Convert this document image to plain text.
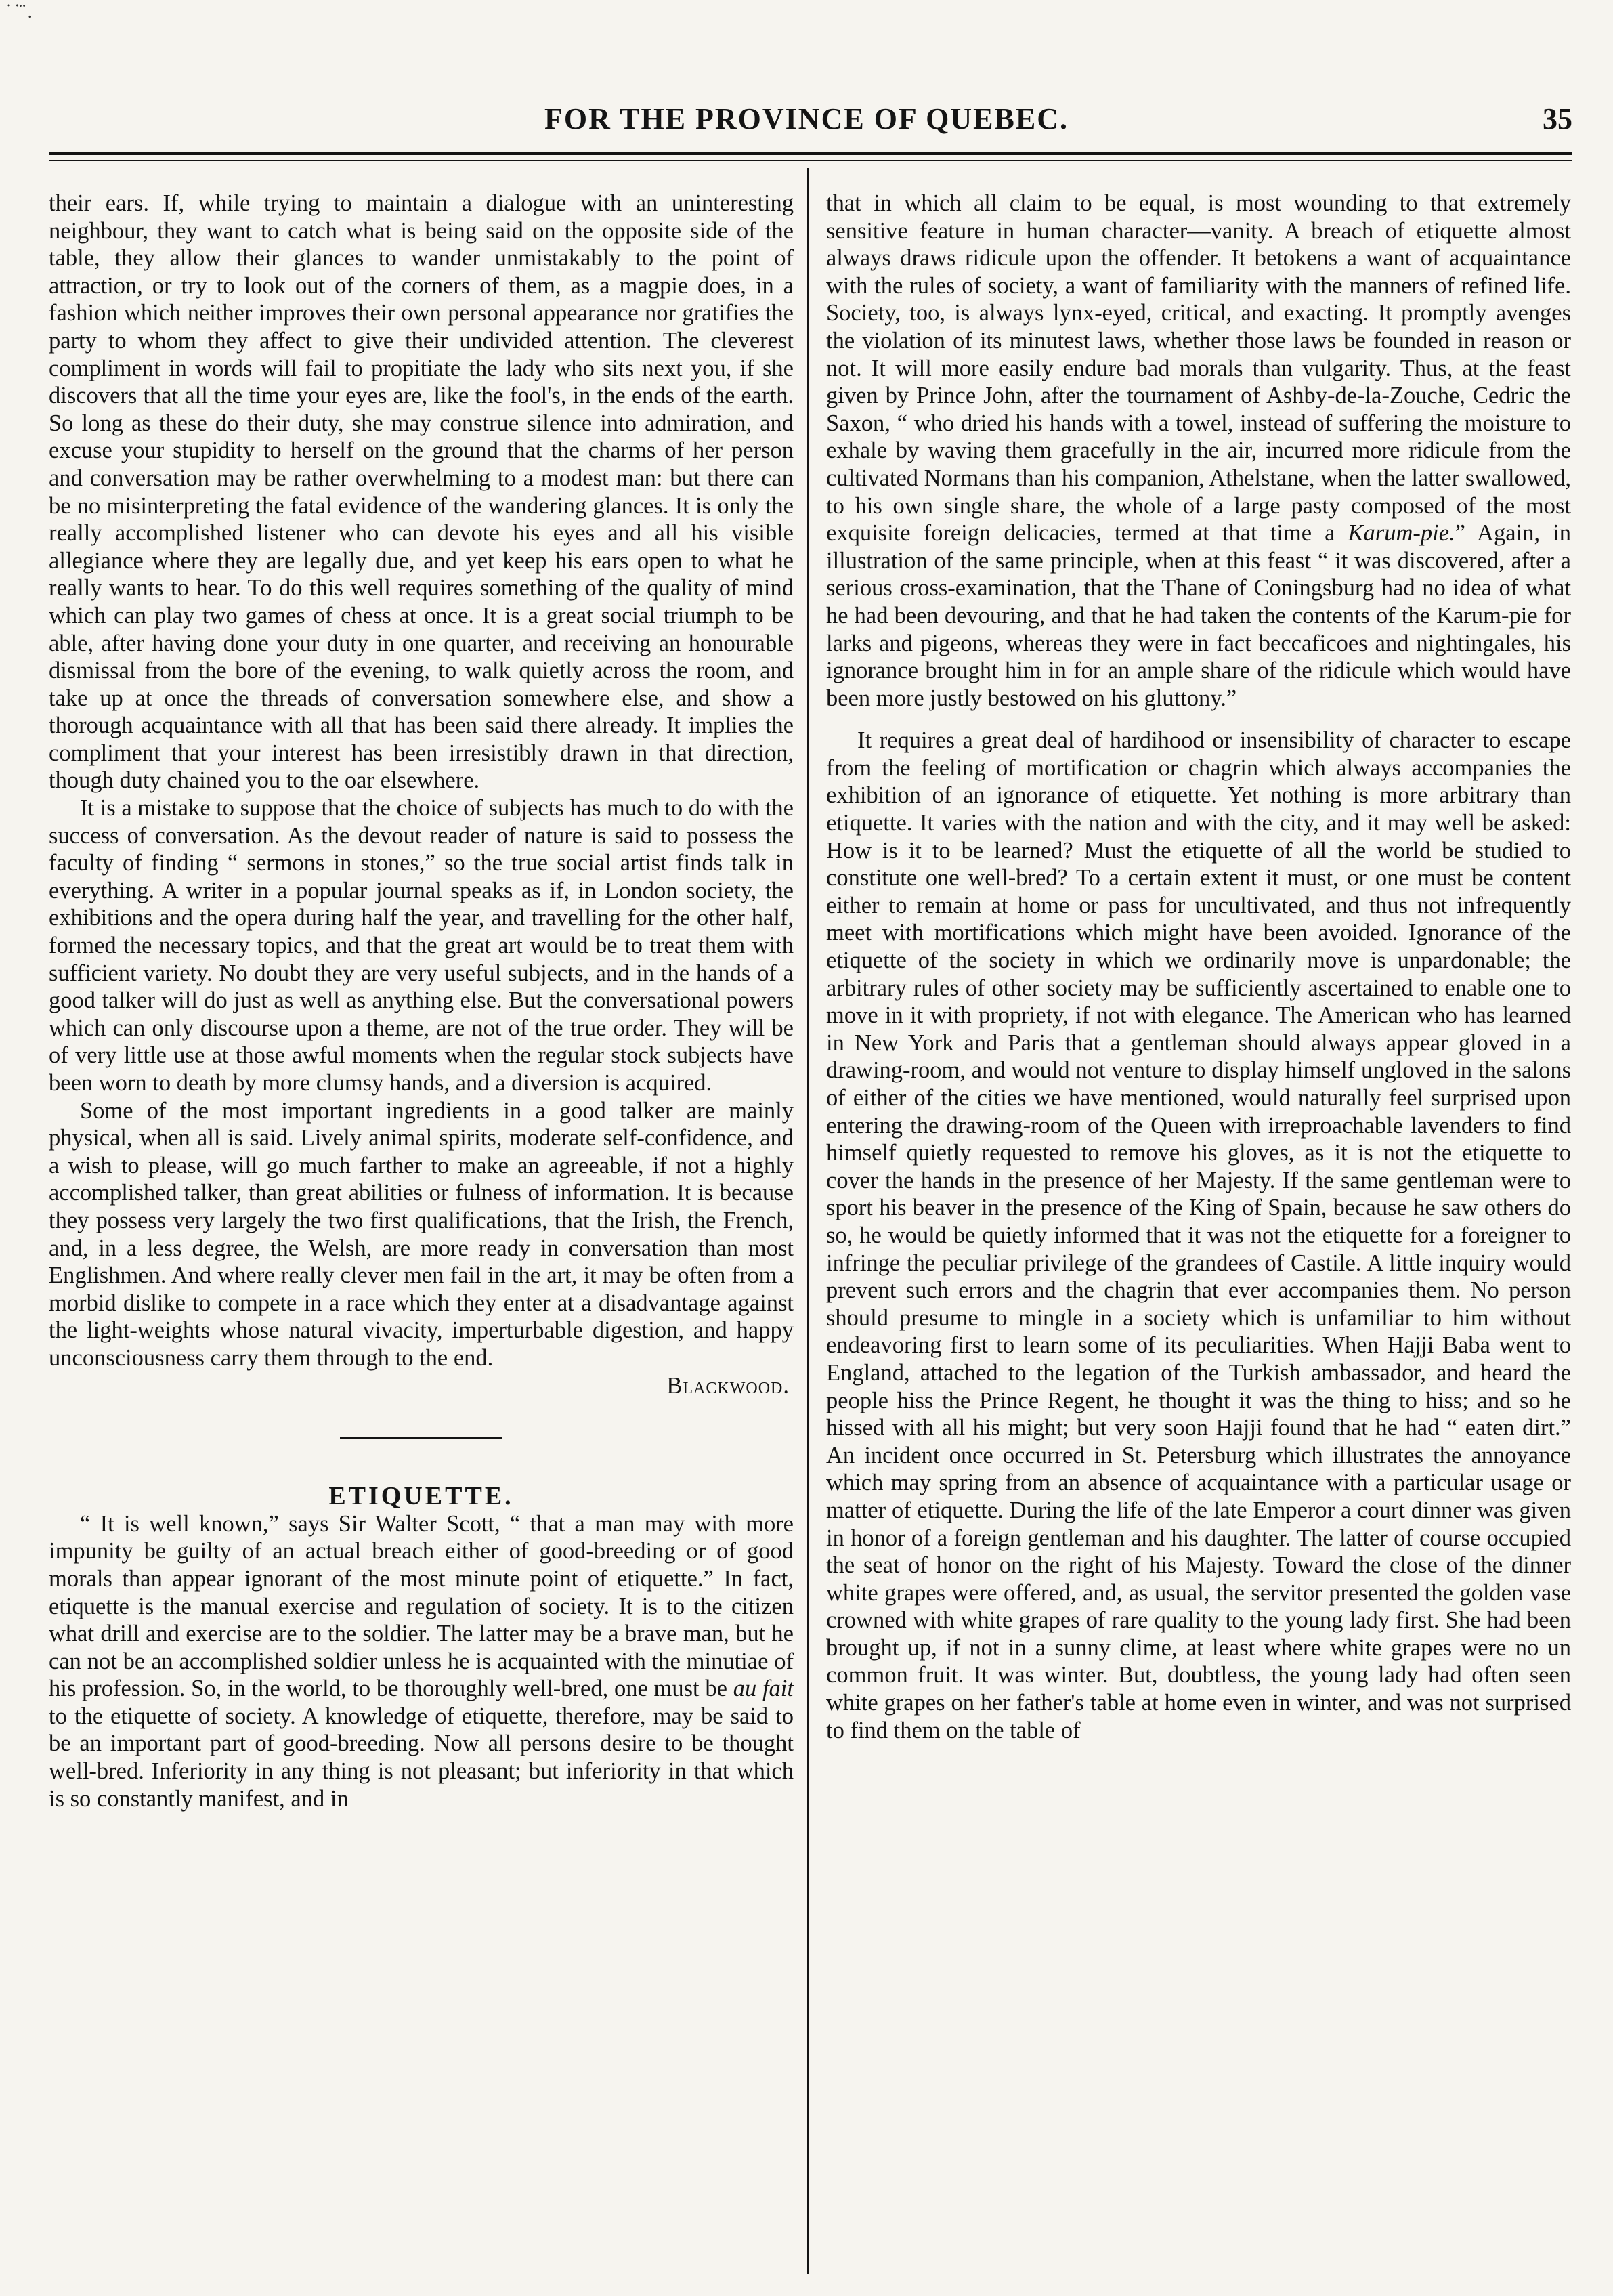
˙ ̇ ̈ .
FOR THE PROVINCE OF QUEBEC.	35

their ears. If, while trying to maintain a dialogue with an uninteresting neighbour, they want to catch what is being said on the opposite side of the table, they allow their glances to wander unmistakably to the point of attraction, or try to look out of the corners of them, as a magpie does, in a fashion which neither improves their own personal appearance nor gratifies the party to whom they affect to give their undivided attention. The cleverest compliment in words will fail to propitiate the lady who sits next you, if she discovers that all the time your eyes are, like the fool's, in the ends of the earth. So long as these do their duty, she may construe silence into admiration, and excuse your stupidity to herself on the ground that the charms of her person and conversation may be rather overwhelming to a modest man: but there can be no misinterpreting the fatal evidence of the wandering glances. It is only the really accomplished listener who can devote his eyes and all his visible allegiance where they are legally due, and yet keep his ears open to what he really wants to hear. To do this well requires something of the quality of mind which can play two games of chess at once. It is a great social triumph to be able, after having done your duty in one quarter, and receiving an honourable dismissal from the bore of the evening, to walk quietly across the room, and take up at once the threads of conversation somewhere else, and show a thorough acquaintance with all that has been said there already. It implies the compliment that your interest has been irresistibly drawn in that direction, though duty chained you to the oar elsewhere.

It is a mistake to suppose that the choice of subjects has much to do with the success of conversation. As the devout reader of nature is said to possess the faculty of finding “ sermons in stones,” so the true social artist finds talk in everything. A writer in a popular journal speaks as if, in London society, the exhibitions and the opera during half the year, and travelling for the other half, formed the necessary topics, and that the great art would be to treat them with sufficient variety. No doubt they are very useful subjects, and in the hands of a good talker will do just as well as anything else. But the conversational powers which can only discourse upon a theme, are not of the true order. They will be of very little use at those awful moments when the regular stock subjects have been worn to death by more clumsy hands, and a diversion is acquired.

Some of the most important ingredients in a good talker are mainly physical, when all is said. Lively animal spirits, moderate self-confidence, and a wish to please, will go much farther to make an agreeable, if not a highly accomplished talker, than great abilities or fulness of information. It is because they possess very largely the two first qualifications, that the Irish, the French, and, in a less degree, the Welsh, are more ready in conversation than most Englishmen. And where really clever men fail in the art, it may be often from a morbid dislike to compete in a race which they enter at a disadvantage against the light-weights whose natural vivacity, imperturbable digestion, and happy unconsciousness carry them through to the end.

Blackwood.

ETIQUETTE.

“ It is well known,” says Sir Walter Scott, “ that a man may with more impunity be guilty of an actual breach either of good-breeding or of good morals than appear ignorant of the most minute point of etiquette.” In fact, etiquette is the manual exercise and regulation of society. It is to the citizen what drill and exercise are to the soldier. The latter may be a brave man, but he can not be an accomplished soldier unless he is acquainted with the minutiae of his profession. So, in the world, to be thoroughly well-bred, one must be au fait to the etiquette of society. A knowledge of etiquette, therefore, may be said to be an important part of good-breeding. Now all persons desire to be thought well-bred. Inferiority in any thing is not pleasant; but inferiority in that which is so constantly manifest, and in

that in which all claim to be equal, is most wounding to that extremely sensitive feature in human character—vanity. A breach of etiquette almost always draws ridicule upon the offender. It betokens a want of acquaintance with the rules of society, a want of familiarity with the manners of refined life. Society, too, is always lynx-eyed, critical, and exacting. It promptly avenges the violation of its minutest laws, whether those laws be founded in reason or not. It will more easily endure bad morals than vulgarity. Thus, at the feast given by Prince John, after the tournament of Ashby-de-la-Zouche, Cedric the Saxon, “ who dried his hands with a towel, instead of suffering the moisture to exhale by waving them gracefully in the air, incurred more ridicule from the cultivated Normans than his companion, Athelstane, when the latter swallowed, to his own single share, the whole of a large pasty composed of the most exquisite foreign delicacies, termed at that time a Karum-pie.” Again, in illustration of the same principle, when at this feast “ it was discovered, after a serious cross-examination, that the Thane of Coningsburg had no idea of what he had been devouring, and that he had taken the contents of the Karum-pie for larks and pigeons, whereas they were in fact beccaficoes and nightingales, his ignorance brought him in for an ample share of the ridicule which would have been more justly bestowed on his gluttony.”

It requires a great deal of hardihood or insensibility of character to escape from the feeling of mortification or chagrin which always accompanies the exhibition of an ignorance of etiquette. Yet nothing is more arbitrary than etiquette. It varies with the nation and with the city, and it may well be asked: How is it to be learned? Must the etiquette of all the world be studied to constitute one well-bred? To a certain extent it must, or one must be content either to remain at home or pass for uncultivated, and thus not infrequently meet with mortifications which might have been avoided. Ignorance of the etiquette of the society in which we ordinarily move is unpardonable; the arbitrary rules of other society may be sufficiently ascertained to enable one to move in it with propriety, if not with elegance. The American who has learned in New York and Paris that a gentleman should always appear gloved in a drawing-room, and would not venture to display himself ungloved in the salons of either of the cities we have mentioned, would naturally feel surprised upon entering the drawing-room of the Queen with irreproachable lavenders to find himself quietly requested to remove his gloves, as it is not the etiquette to cover the hands in the presence of her Majesty. If the same gentleman were to sport his beaver in the presence of the King of Spain, because he saw others do so, he would be quietly informed that it was not the etiquette for a foreigner to infringe the peculiar privilege of the grandees of Castile. A little inquiry would prevent such errors and the chagrin that ever accompanies them. No person should presume to mingle in a society which is unfamiliar to him without endeavoring first to learn some of its peculiarities. When Hajji Baba went to England, attached to the legation of the Turkish ambassador, and heard the people hiss the Prince Regent, he thought it was the thing to hiss; and so he hissed with all his might; but very soon Hajji found that he had “ eaten dirt.” An incident once occurred in St. Petersburg which illustrates the annoyance which may spring from an absence of acquaintance with a particular usage or matter of etiquette. During the life of the late Emperor a court dinner was given in honor of a foreign gentleman and his daughter. The latter of course occupied the seat of honor on the right of his Majesty. Toward the close of the dinner white grapes were offered, and, as usual, the servitor presented the golden vase crowned with white grapes of rare quality to the young lady first. She had been brought up, if not in a sunny clime, at least where white grapes were no un common fruit. It was winter. But, doubtless, the young lady had often seen white grapes on her father's table at home even in winter, and was not surprised to find them on the table of
